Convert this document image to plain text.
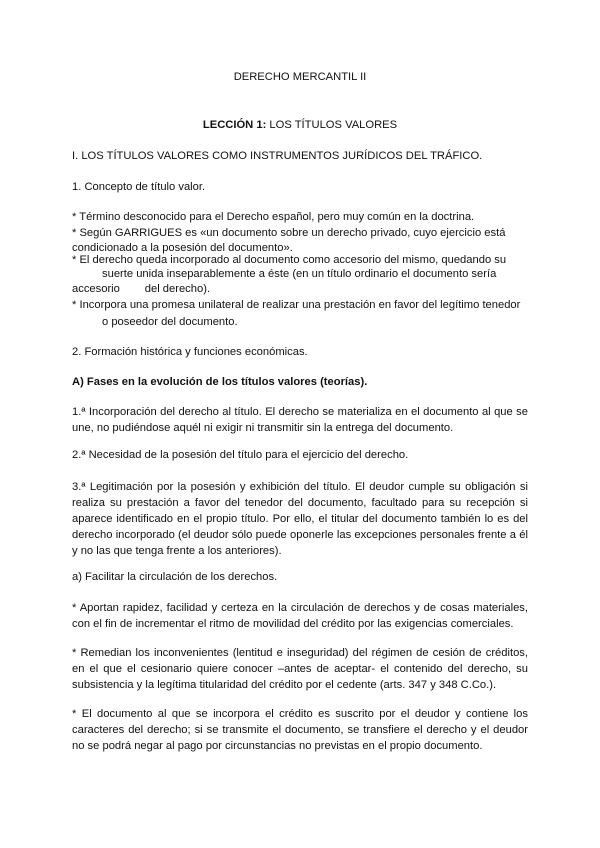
DERECHO MERCANTIL II
LECCIÓN 1: LOS TÍTULOS VALORES
I. LOS TÍTULOS VALORES COMO INSTRUMENTOS JURÍDICOS DEL TRÁFICO.
1. Concepto de título valor.
* Término desconocido para el Derecho español, pero muy común en la doctrina.
* Según GARRIGUES es «un documento sobre un derecho privado, cuyo ejercicio está
condicionado a la posesión del documento».
* El derecho queda incorporado al documento como accesorio del mismo, quedando su
suerte unida inseparablemente a éste (en un título ordinario el documento sería
accesorio        del derecho).
* Incorpora una promesa unilateral de realizar una prestación en favor del legítimo tenedor
o poseedor del documento.
2. Formación histórica y funciones económicas.
A) Fases en la evolución de los títulos valores (teorías).
1.ª Incorporación del derecho al título. El derecho se materializa en el documento al que se une, no pudiéndose aquél ni exigir ni transmitir sin la entrega del documento.
2.ª Necesidad de la posesión del título para el ejercicio del derecho.
3.ª Legitimación por la posesión y exhibición del título. El deudor cumple su obligación si realiza su prestación a favor del tenedor del documento, facultado para su recepción si aparece identificado en el propio título. Por ello, el titular del documento también lo es del derecho incorporado (el deudor sólo puede oponerle las excepciones personales frente a él y no las que tenga frente a los anteriores).
a) Facilitar la circulación de los derechos.
* Aportan rapidez, facilidad y certeza en la circulación de derechos y de cosas materiales, con el fin de incrementar el ritmo de movilidad del crédito por las exigencias comerciales.
* Remedian los inconvenientes (lentitud e inseguridad) del régimen de cesión de créditos, en el que el cesionario quiere conocer –antes de aceptar- el contenido del derecho, su subsistencia y la legítima titularidad del crédito por el cedente (arts. 347 y 348 C.Co.).
* El documento al que se incorpora el crédito es suscrito por el deudor y contiene los caracteres del derecho; si se transmite el documento, se transfiere el derecho y el deudor no se podrá negar al pago por circunstancias no previstas en el propio documento.
